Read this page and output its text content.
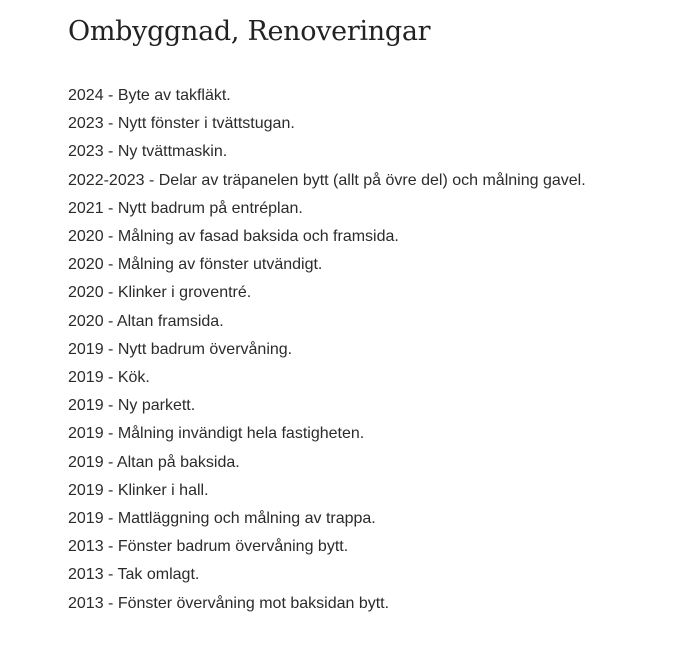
Ombyggnad, Renoveringar
2024 - Byte av takfläkt.
2023 - Nytt fönster i tvättstugan.
2023 - Ny tvättmaskin.
2022-2023 - Delar av träpanelen bytt (allt på övre del) och målning gavel.
2021 - Nytt badrum på entréplan.
2020 - Målning av fasad baksida och framsida.
2020 - Målning av fönster utvändigt.
2020 - Klinker i groventré.
2020 - Altan framsida.
2019 - Nytt badrum övervåning.
2019 - Kök.
2019 - Ny parkett.
2019 - Målning invändigt hela fastigheten.
2019 - Altan på baksida.
2019 - Klinker i hall.
2019 - Mattläggning och målning av trappa.
2013 - Fönster badrum övervåning bytt.
2013 - Tak omlagt.
2013 - Fönster övervåning mot baksidan bytt.
